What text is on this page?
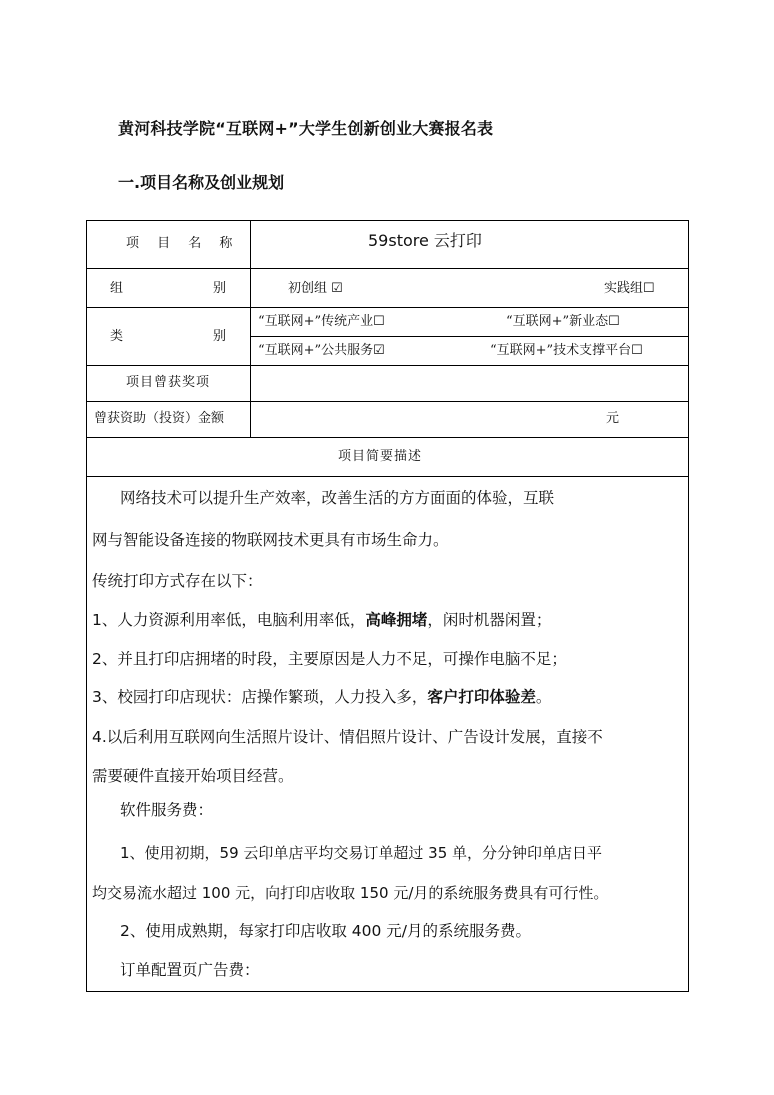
黄河科技学院“互联网+”大学生创新创业大赛报名表
一.项目名称及创业规划
项 目 名 称	59store 云打印
组	别	初创组 ☑	实践组☐
类	别
“互联网+”传统产业☐	“互联网+”新业态☐
“互联网+”公共服务☑	“互联网+”技术支撑平台☐
项目曾获奖项
曾获资助（投资）金额	元
项目简要描述
网络技术可以提升生产效率，改善生活的方方面面的体验，互联
网与智能设备连接的物联网技术更具有市场生命力。
传统打印方式存在以下：
1、人力资源利用率低，电脑利用率低，高峰拥堵，闲时机器闲置；
2、并且打印店拥堵的时段，主要原因是人力不足，可操作电脑不足；
3、校园打印店现状：店操作繁琐，人力投入多，客户打印体验差。
4.以后利用互联网向生活照片设计、情侣照片设计、广告设计发展，直接不
需要硬件直接开始项目经营。
软件服务费：
1、使用初期，59 云印单店平均交易订单超过 35 单，分分钟印单店日平
均交易流水超过 100 元，向打印店收取 150 元/月的系统服务费具有可行性。
2、使用成熟期，每家打印店收取 400 元/月的系统服务费。
订单配置页广告费：
